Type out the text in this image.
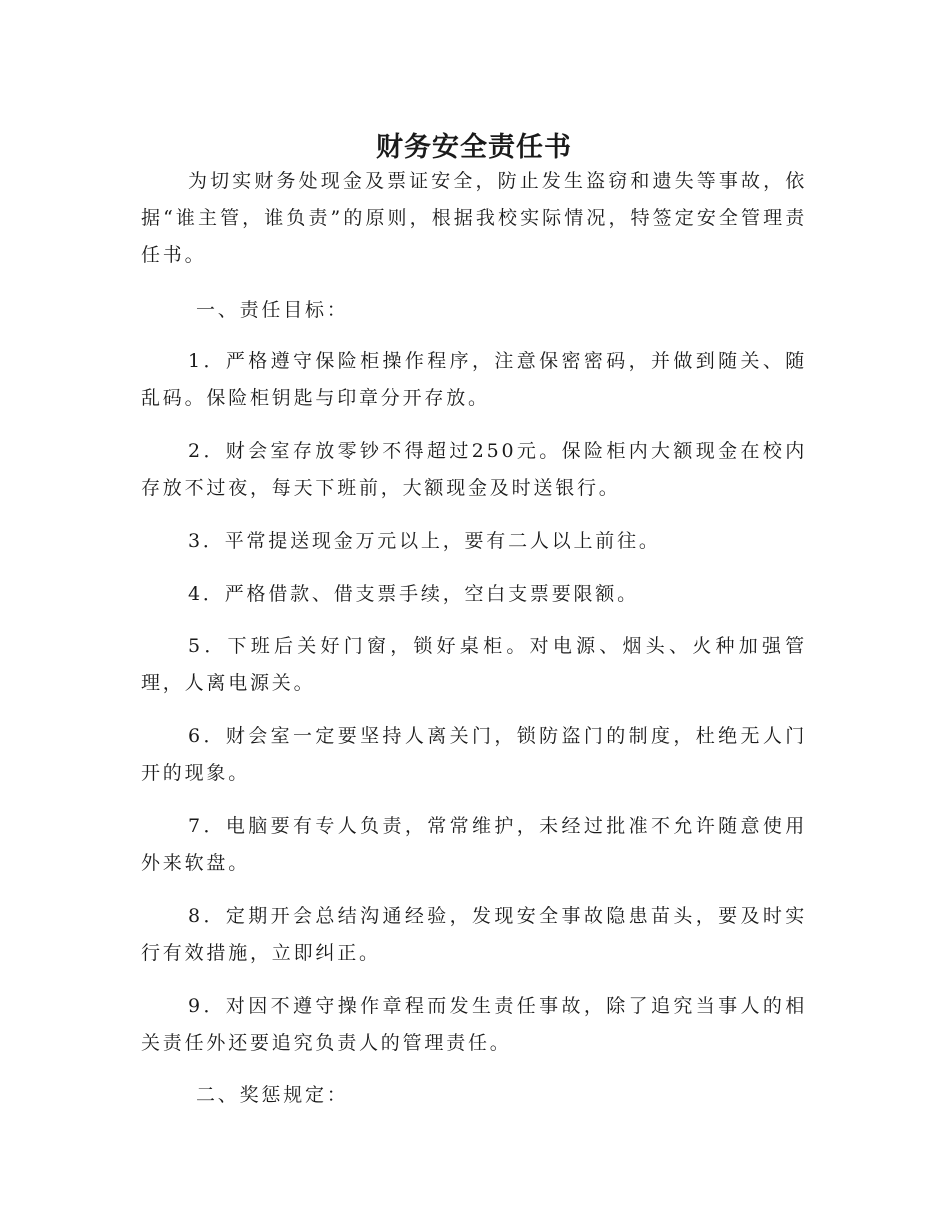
财务安全责任书

为切实财务处现金及票证安全，防止发生盗窃和遗失等事故，依据“谁主管，谁负责”的原则，根据我校实际情况，特签定安全管理责任书。

一、责任目标：

1．严格遵守保险柜操作程序，注意保密密码，并做到随关、随乱码。保险柜钥匙与印章分开存放。

2．财会室存放零钞不得超过250元。保险柜内大额现金在校内存放不过夜，每天下班前，大额现金及时送银行。

3．平常提送现金万元以上，要有二人以上前往。

4．严格借款、借支票手续，空白支票要限额。

5．下班后关好门窗，锁好桌柜。对电源、烟头、火种加强管理，人离电源关。

6．财会室一定要坚持人离关门，锁防盗门的制度，杜绝无人门开的现象。

7．电脑要有专人负责，常常维护，未经过批准不允许随意使用外来软盘。

8．定期开会总结沟通经验，发现安全事故隐患苗头，要及时实行有效措施，立即纠正。

9．对因不遵守操作章程而发生责任事故，除了追究当事人的相关责任外还要追究负责人的管理责任。

二、奖惩规定：
